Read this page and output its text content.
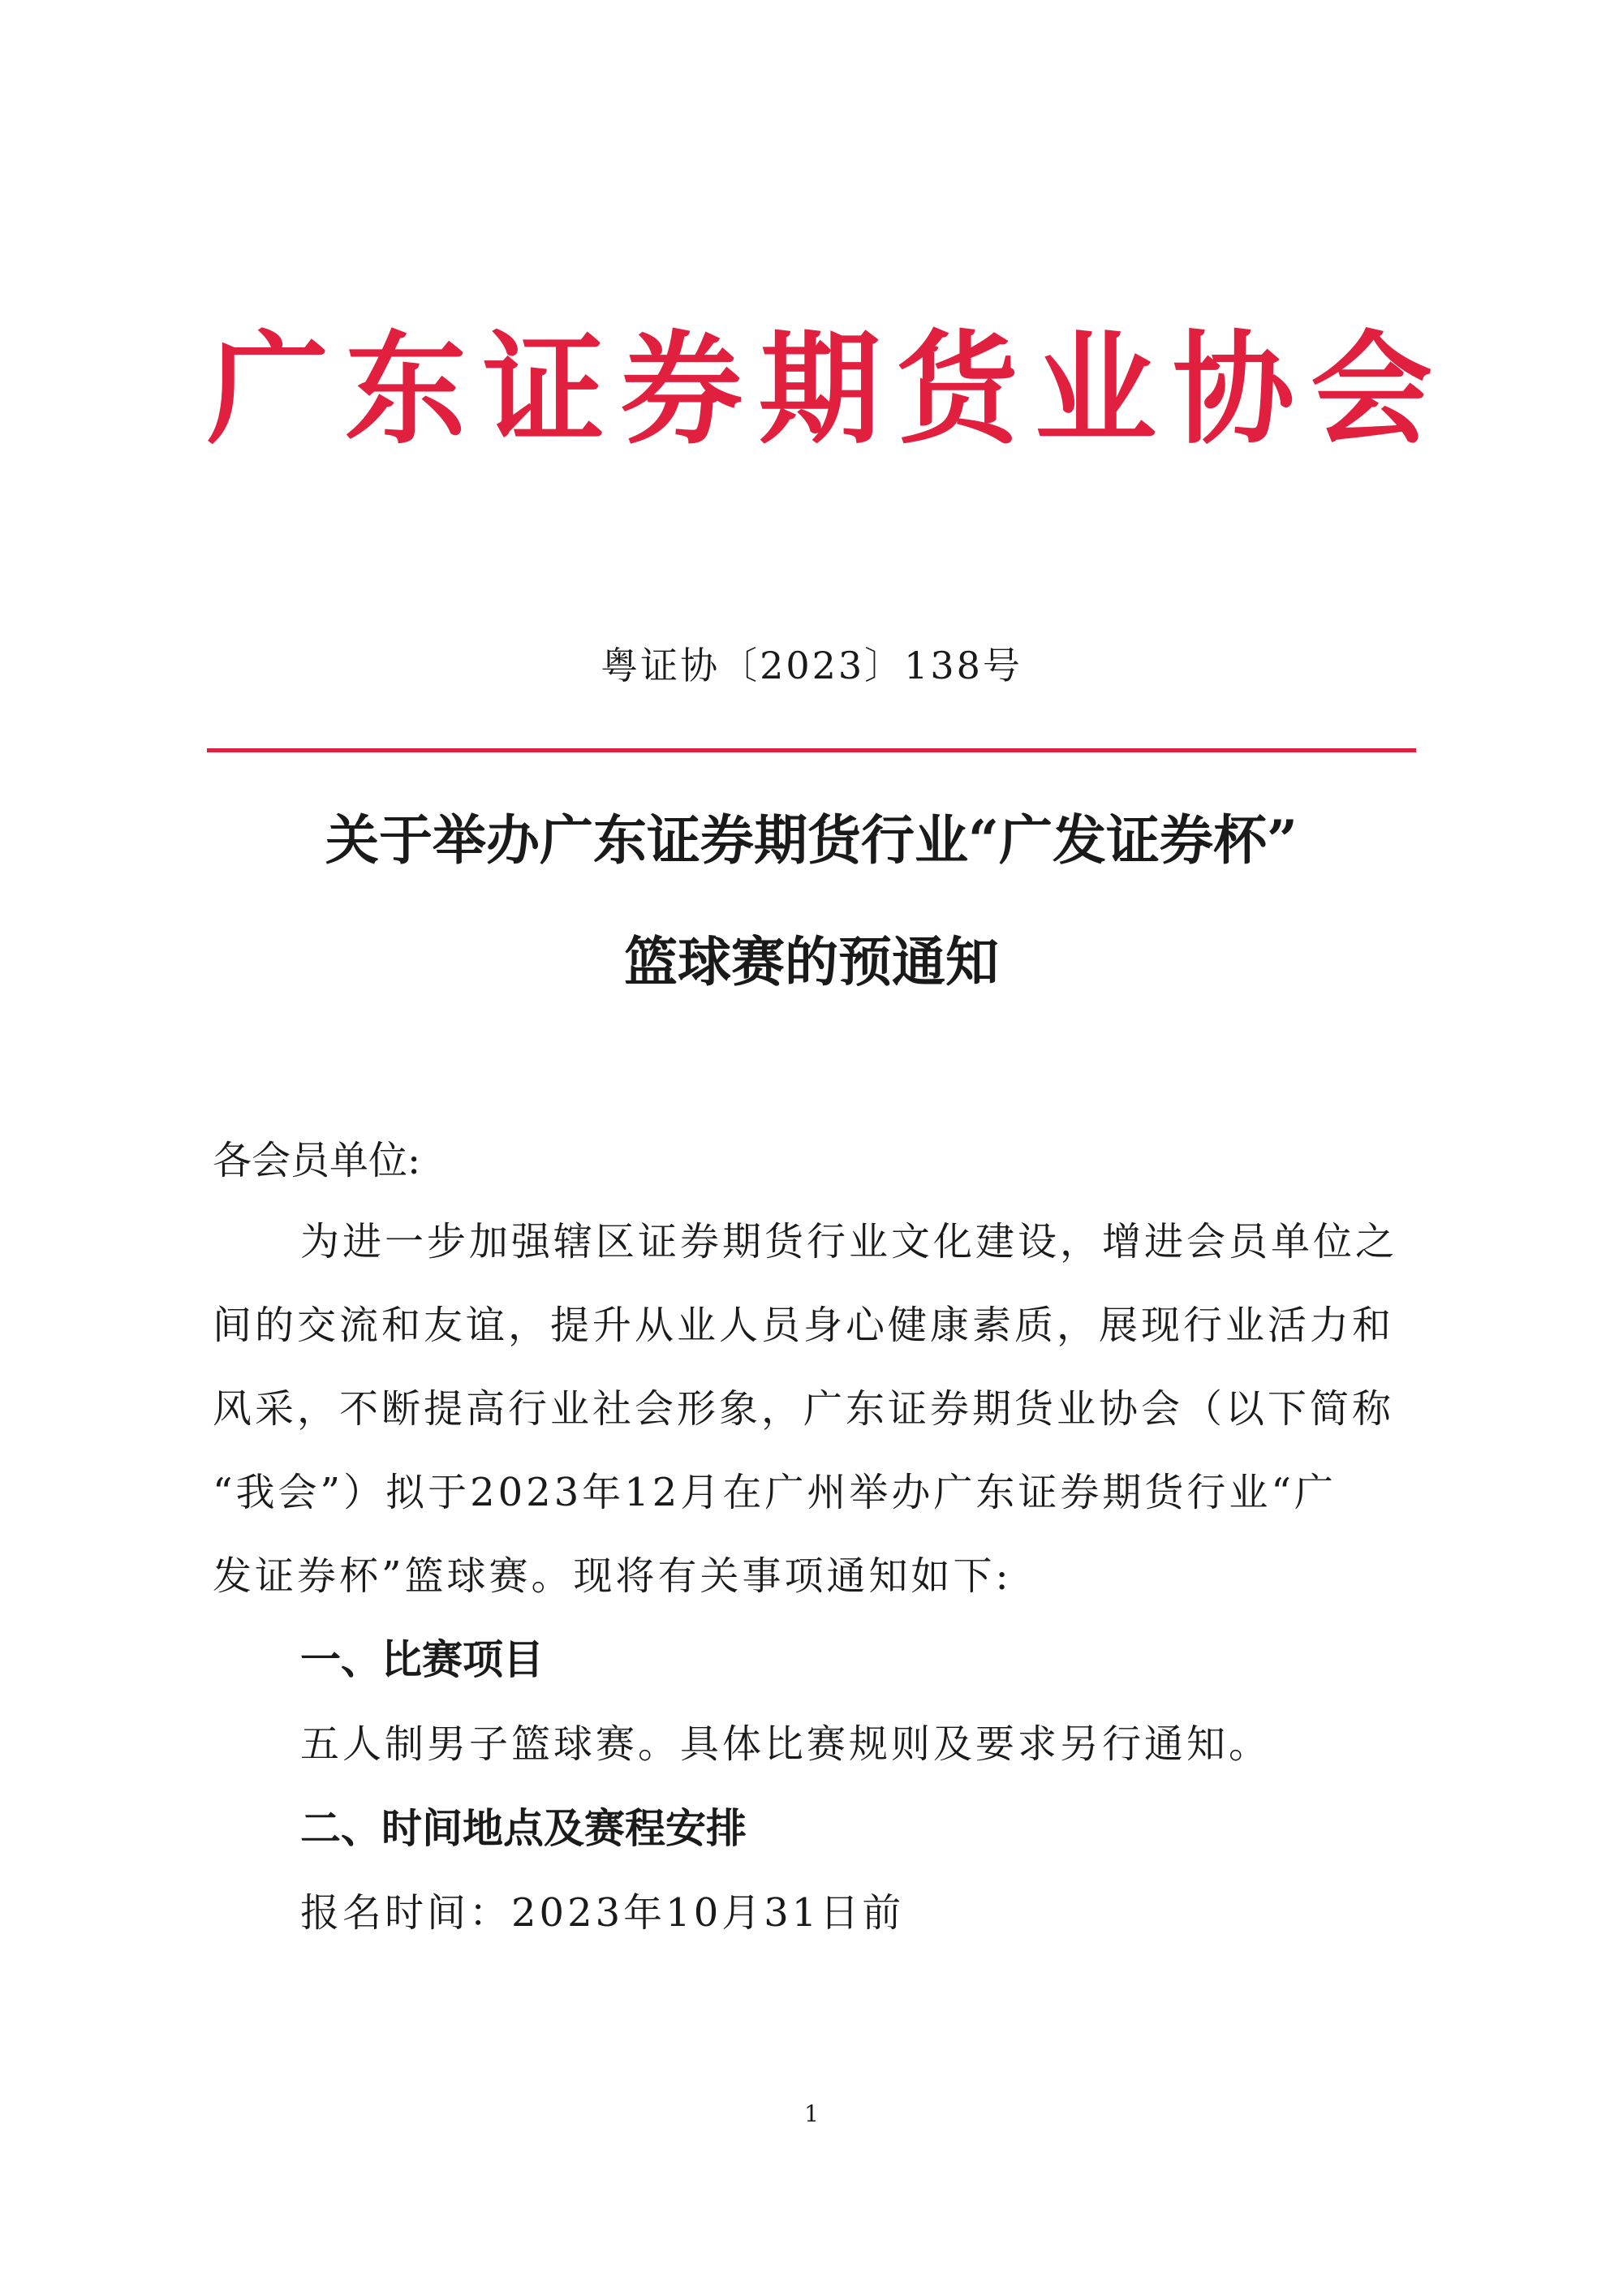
广东证券期货业协会
粤证协〔2023〕138号
关于举办广东证券期货行业“广发证券杯”
篮球赛的预通知

各会员单位:

为进一步加强辖区证券期货行业文化建设，增进会员单位之

间的交流和友谊，提升从业人员身心健康素质，展现行业活力和

风采，不断提高行业社会形象，广东证券期货业协会（以下简称

“我会”）拟于2023年12月在广州举办广东证券期货行业“广

发证券杯”篮球赛。现将有关事项通知如下:

一、比赛项目

五人制男子篮球赛。具体比赛规则及要求另行通知。

二、时间地点及赛程安排

报名时间：2023年10月31日前

1
